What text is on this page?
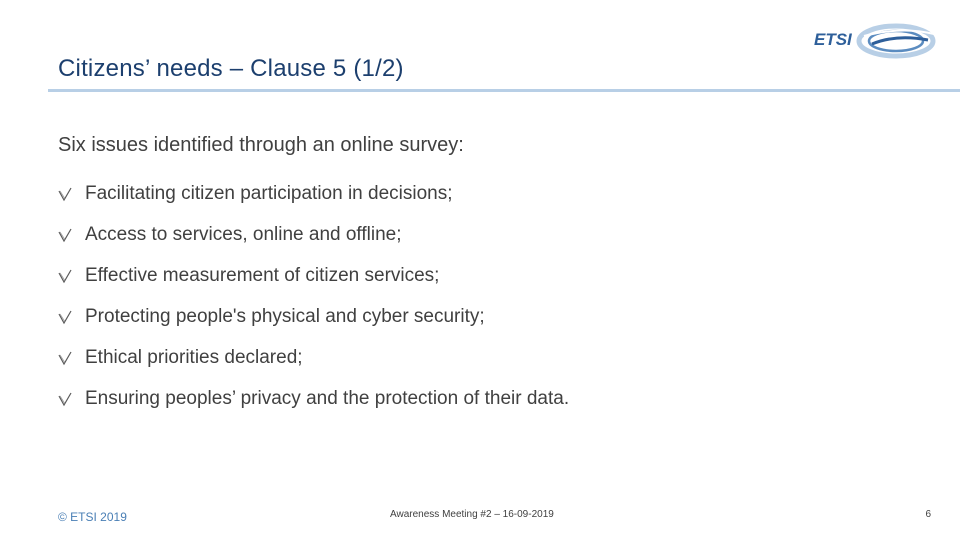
Citizens’ needs – Clause 5 (1/2)
ETSI
Six issues identified through an online survey:
Facilitating citizen participation in decisions;
Access to services, online and offline;
Effective measurement of citizen services;
Protecting people's physical and cyber security;
Ethical priorities declared;
Ensuring peoples’ privacy and the protection of their data.
© ETSI 2019	Awareness Meeting #2 – 16-09-2019	6
